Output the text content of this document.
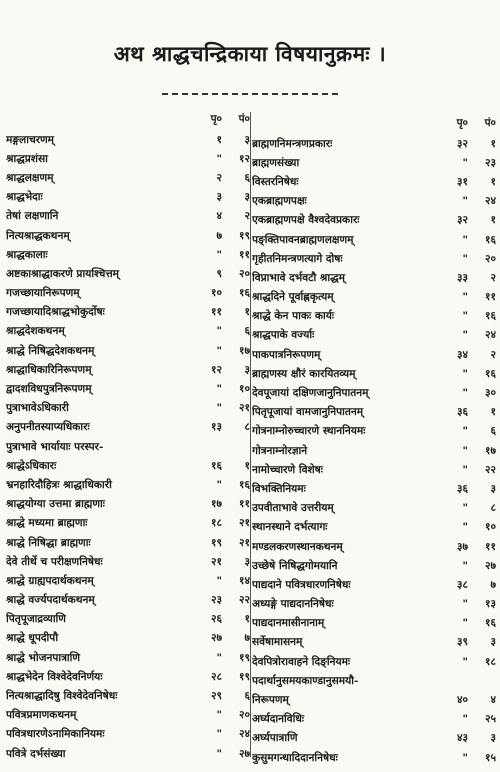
अथ श्राद्धचन्द्रिकाया विषयानुक्रमः ।
पृ०	पं०
मङ्गलाचरणम्	१	३
श्राद्धप्रशंसा	"	१२
श्राद्धलक्षणम्	२	६
श्राद्धभेदाः	३	३
तेषां लक्षणानि	४	२
नित्यश्राद्धकथनम्	७	१९
श्राद्धकालाः	"	११
अष्टकाश्राद्धाकरणे प्रायश्चित्तम्	९	२०
गजच्छायानिरूपणम्	१०	१६
गजच्छायादिश्राद्धभोकुर्दोषः	११	१
श्राद्धदेशकथनम्	"	६
श्राद्धे निषिद्धदेशकथनम्	"	१७
श्राद्धाधिकारिनिरूपणम्	१२	३
द्वादशविधपुत्रनिरूपणम्	"	१०
पुत्राभावेऽधिकारी	"	२१
अनुपनीतस्याप्यधिकारः	१३	८
पुत्राभावे भार्यायाः परस्पर-
श्राद्धेऽधिकारः	१६	१
भ्रनहारिदौहित्रः श्राद्धाधिकारी	"	१६
श्राद्धयोग्या उत्तमा ब्राह्मणाः	१७	११
श्राद्धे मध्यमा ब्राह्मणाः	१८	२१
श्राद्धे निषिद्धा ब्राह्मणाः	१९	२१
देवे तीर्थे च परीक्षणनिषेधः	२१	३
श्राद्धे ग्राह्यपदार्थकथनम्	"	१४
श्राद्धे वर्ज्यपदार्थकथनम्	२३	२२
पितृपूजाद्रव्याणि	२६	१
श्राद्धे धूपदीपौ	२७	७
श्राद्धे भोजनपात्राणि	"	१९
श्राद्धभेदेन विश्वेदेवनिर्णयः	२८	१९
नित्यश्राद्धादिषु विश्वेदेवनिषेधः	२९	६
पवित्रप्रमाणकथनम्	"	२०
पवित्रधारणेऽनामिकानियमः	"	२४
पवित्रे दर्भसंख्या	"	२७
पृ०	पं०
ब्राह्मणनिमन्त्रणप्रकारः	३२	१
ब्राह्मणसंख्या	"	२३
विस्तरनिषेधः	३१	१
एकब्राह्मणपक्षः	"	२४
एकब्राह्मणपक्षे वैश्वदेवप्रकारः	३२	१
पङ्क्तिपावनब्राह्मणलक्षणम्	"	१६
गृहीतनिमन्त्रणत्यागे दोषः	"	२०
विप्राभावे दर्भवटौ श्राद्धम्	३३	२
श्राद्धदिने पूर्वाह्णकृत्यम्	"	११
श्राद्धे केन पाकः कार्यः	"	१६
श्राद्धपाके वर्ज्याः	"	२४
पाकपात्रनिरूपणम्	३४	२
ब्राह्मणस्य क्षौरं कारयितव्यम्	"	१६
देवपूजायां दक्षिणजानुनिपातनम्	"	३०
पितृपूजायां वामजानुनिपातनम्	३६	१
गोत्रनाम्नोरुच्चारणे स्थाननियमः	"	६
गोत्रनाम्नोरज्ञाने	"	१७
नामोच्चारणे विशेषः	"	२२
विभक्तिनियमः	३६	३
उपवीताभावे उत्तरीयम्	"	८
स्थानस्थाने दर्भत्यागः	"	१०
मण्डलकरणस्थानकथनम्	३७	११
उच्छेषे निषिद्धगोमयानि	"	२७
पाद्यदाने पवित्रधारणनिषेधः	३८	७
अध्यङ्गे पाद्यदाननिषेधः	"	१३
पाद्यदानमासीनानाम्	"	१६
सर्वेषामासनम्	३९	३
देवपित्रोरावाहने दिङ्नियमः	"	१८
पदार्थानुसमयकाण्डानुसमयौ-
निरूपणम्	४०	४
अर्घ्यदानविधिः	"	२५
अर्घ्यपात्राणि	४३	३
कुसुमगन्धादिदाननिषेधः	"	१५
